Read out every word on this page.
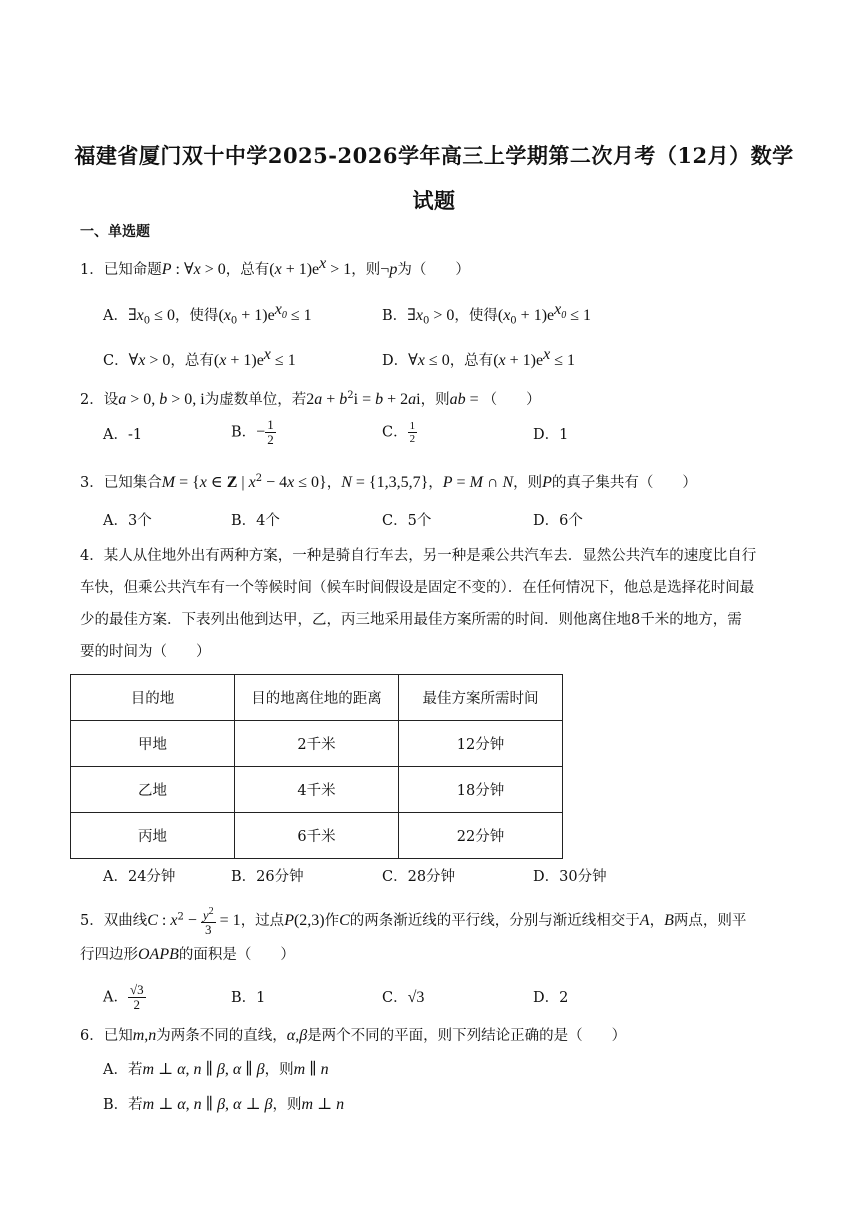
福建省厦门双十中学2025-2026学年高三上学期第二次月考（12月）数学
试题
一、单选题
1．已知命题P : ∀x > 0，总有$(x + 1)e^x > 1$，则¬p为（　　）
A．$\exists x_0 \le 0$，使得$(x_0 + 1)e^{x_0} \le 1$	B．$\exists x_0 > 0$，使得$(x_0 + 1)e^{x_0} \le 1$
C．∀x > 0，总有$(x + 1)e^x \le 1$	D．∀x ≤ 0，总有$(x + 1)e^x \le 1$
2．设a > 0, b > 0, i为虚数单位，若$2a + b^2i = b + 2ai$，则ab = （　　）
A．-1	B．− $\frac{1}{2}$	C． $\frac{1}{2}$	D．1
3．已知集合M = {x ∈ Z | $x^2 - 4x \le 0$}，N = {1,3,5,7}，P = M ∩ N，则P的真子集共有（　　）
A．3个	B．4个	C．5个	D．6个
4．某人从住地外出有两种方案，一种是骑自行车去，另一种是乘公共汽车去．显然公共汽车的速度比自行
车快，但乘公共汽车有一个等候时间（候车时间假设是固定不变的）．在任何情况下，他总是选择花时间最
少的最佳方案．下表列出他到达甲，乙，丙三地采用最佳方案所需的时间．则他离住地8千米的地方，需
要的时间为（　　）
目的地	目的地离住地的距离	最佳方案所需时间
甲地	2千米	12分钟
乙地	4千米	18分钟
丙地	6千米	22分钟
A．24分钟	B．26分钟	C．28分钟	D．30分钟
5．双曲线C : $x^2 - \frac{y^2}{3} = 1$，过点P(2,3)作C的两条渐近线的平行线，分别与渐近线相交于A，B两点，则平
行四边形OAPB的面积是（　　）
A． $\frac{√3}{2}$	B．1	C．√3	D．2
6．已知m,n为两条不同的直线，α,β是两个不同的平面，则下列结论正确的是（　　）
A．若m ⊥ α, n ∥ β, α ∥ β，则m ∥ n
B．若m ⊥ α, n ∥ β, α ⊥ β，则m ⊥ n
